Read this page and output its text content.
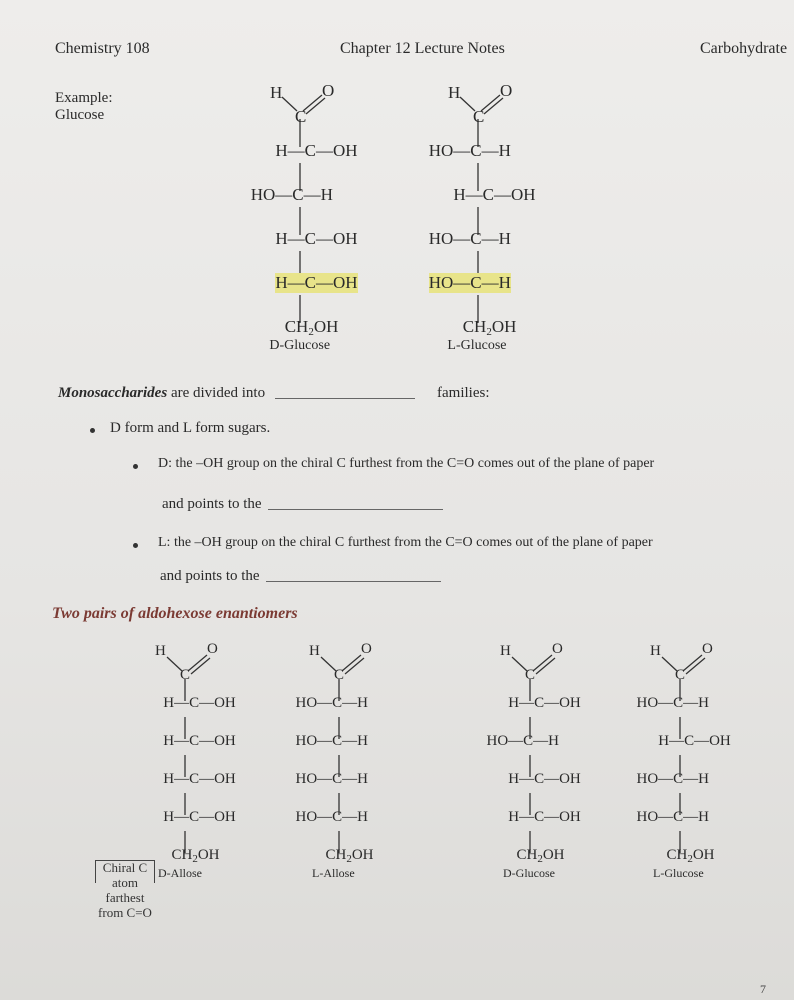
Chemistry 108	Chapter 12 Lecture Notes	Carbohydrate
Example:
Glucose
H O
C
H—C—OH
HO—C—H
H—C—OH
H—C—OH
$CH_2OH$
D-Glucose
H O
C
HO—C—H
H—C—OH
HO—C—H
HO—C—H
$CH_2OH$
L-Glucose
Monosaccharides are divided into	families:
D form and L form sugars.
D: the –OH group on the chiral C furthest from the C=O comes out of the plane of paper
and points to the
L: the –OH group on the chiral C furthest from the C=O comes out of the plane of paper
and points to the
Two pairs of aldohexose enantiomers
H	O
C
H—C—OH
H—C—OH
H—C—OH
H—C—OH
$CH_2OH$
D-Allose
H	O
C
HO—C—H
HO—C—H
HO—C—H
HO—C—H
$CH_2OH$
L-Allose
H	O
C
H—C—OH
HO—C—H
H—C—OH
H—C—OH
$CH_2OH$
D-Glucose
H	O
C
HO—C—H
H—C—OH
HO—C—H
HO—C—H
$CH_2OH$
L-Glucose
Chiral C atom farthest from C=O
7
